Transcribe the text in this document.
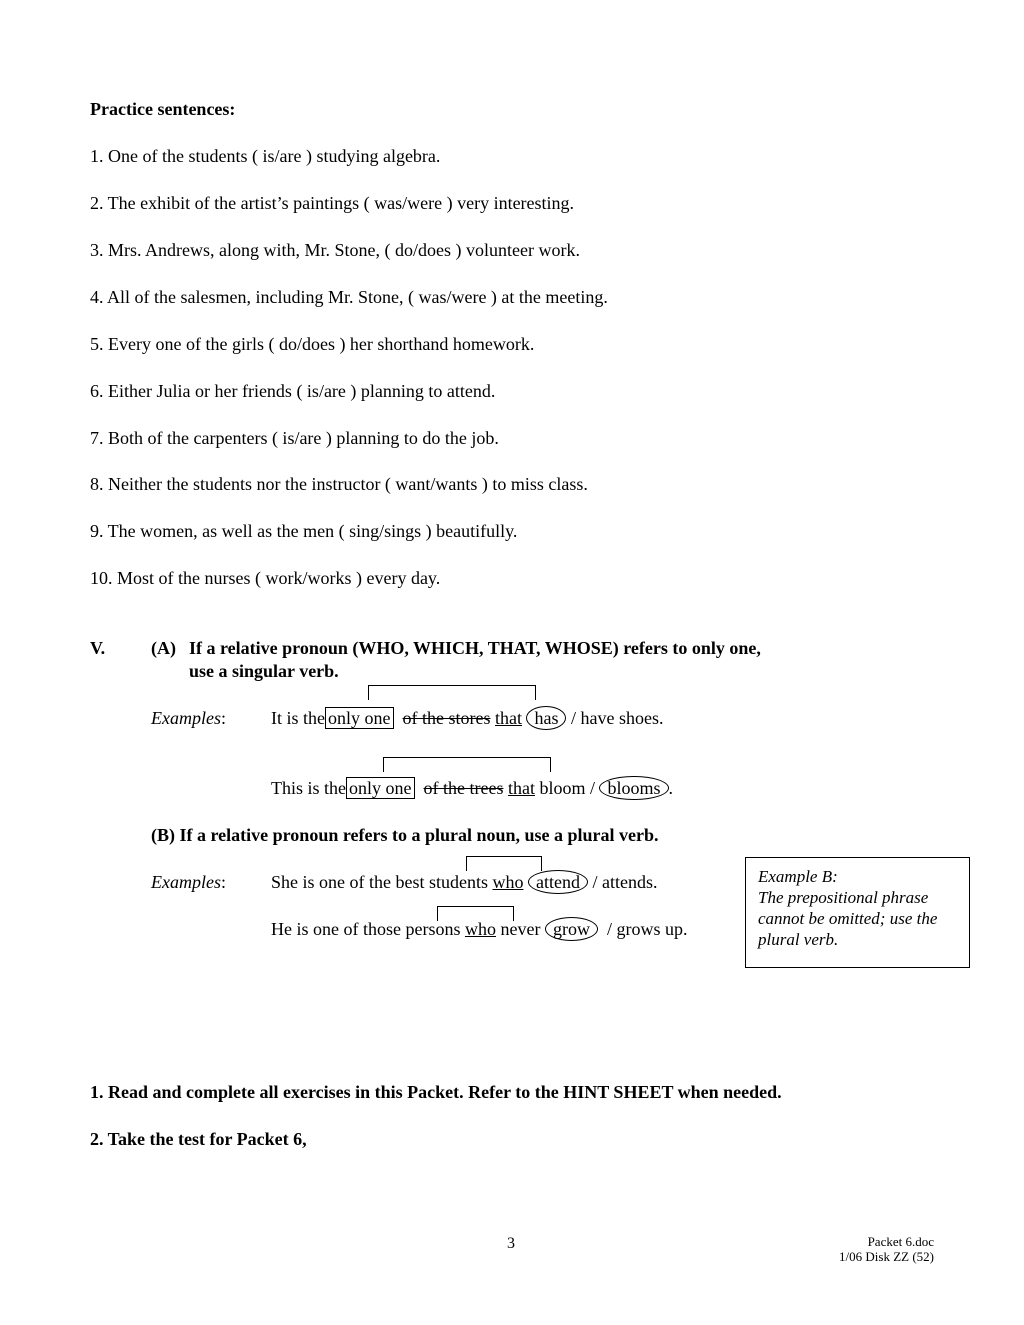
Practice sentences:
1. One of the students ( is/are ) studying algebra.
2. The exhibit of the artist’s paintings ( was/were ) very interesting.
3. Mrs. Andrews, along with, Mr. Stone, ( do/does ) volunteer work.
4. All of the salesmen, including Mr. Stone, ( was/were ) at the meeting.
5. Every one of the girls ( do/does ) her shorthand homework.
6. Either Julia or her friends ( is/are ) planning to attend.
7. Both of the carpenters ( is/are ) planning to do the job.
8. Neither the students nor the instructor ( want/wants ) to miss class.
9. The women, as well as the men ( sing/sings ) beautifully.
10. Most of the nurses ( work/works ) every day.
V.	(A) If a relative pronoun (WHO, WHICH, THAT, WHOSE) refers to only one,
use a singular verb.
Examples:	It is the only one of the stores that has / have shoes.
This is the only one of the trees that bloom / blooms .
(B) If a relative pronoun refers to a plural noun, use a plural verb.
Examples:	She is one of the best students who attend / attends.
He is one of those persons who never grow / grows up.
Example B:
The prepositional phrase
cannot be omitted; use the
plural verb.
1. Read and complete all exercises in this Packet. Refer to the HINT SHEET when needed.
2. Take the test for Packet 6,
3	Packet 6.doc
1/06 Disk ZZ (52)
